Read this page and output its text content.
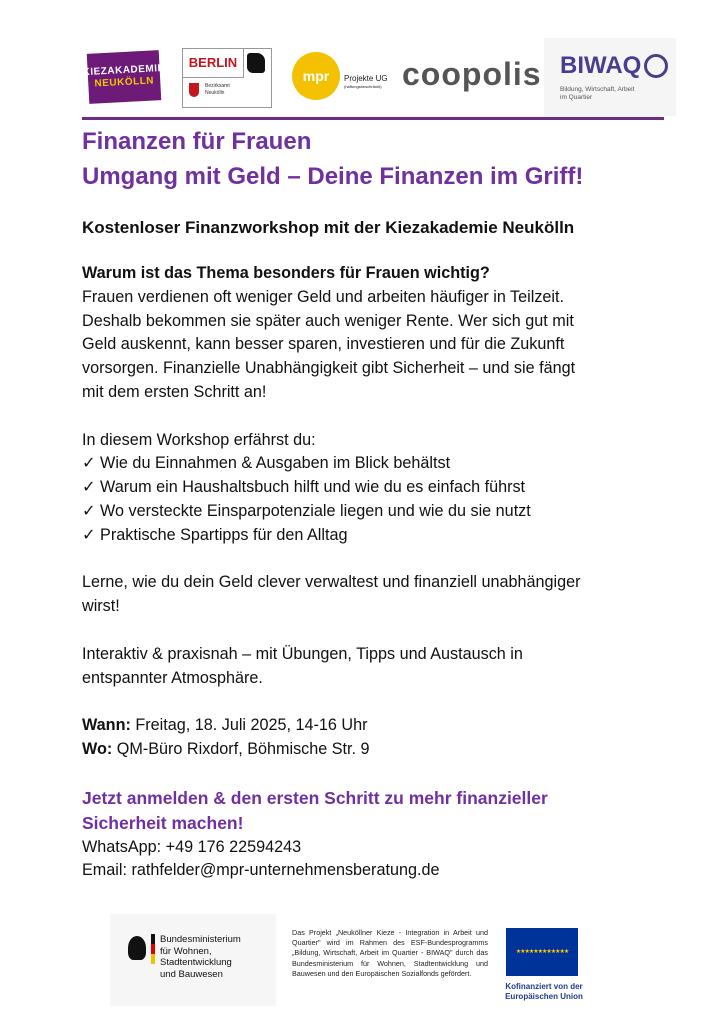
KIEZAKADEMIE
NEUKÖLLN
BERLIN
Bezirksamt
Neukölln
mpr	Projekte UG
(haftungsbeschränkt) coopolis BIWAQ
Bildung, Wirtschaft, Arbeit
im Quartier
Finanzen für Frauen
Umgang mit Geld – Deine Finanzen im Griff!
Kostenloser Finanzworkshop mit der Kiezakademie Neukölln

Warum ist das Thema besonders für Frauen wichtig?

Frauen verdienen oft weniger Geld und arbeiten häufiger in Teilzeit.

Deshalb bekommen sie später auch weniger Rente. Wer sich gut mit

Geld auskennt, kann besser sparen, investieren und für die Zukunft

vorsorgen. Finanzielle Unabhängigkeit gibt Sicherheit – und sie fängt

mit dem ersten Schritt an!

In diesem Workshop erfährst du:

✓ Wie du Einnahmen & Ausgaben im Blick behältst

✓ Warum ein Haushaltsbuch hilft und wie du es einfach führst

✓ Wo versteckte Einsparpotenziale liegen und wie du sie nutzt

✓ Praktische Spartipps für den Alltag

Lerne, wie du dein Geld clever verwaltest und finanziell unabhängiger

wirst!

Interaktiv & praxisnah – mit Übungen, Tipps und Austausch in

entspannter Atmosphäre.

Wann: Freitag, 18. Juli 2025, 14-16 Uhr

Wo: QM-Büro Rixdorf, Böhmische Str. 9

Jetzt anmelden & den ersten Schritt zu mehr finanzieller

Sicherheit machen!

WhatsApp: +49 176 22594243

Email: rathfelder@mpr-unternehmensberatung.de

Bundesministerium
für Wohnen, Stadtentwicklung
und Bauwesen

Das Projekt „Neuköllner Kieze - Integration in Arbeit und Quartier" wird im Rahmen des ESF-Bundesprogramms „Bildung, Wirtschaft, Arbeit im Quartier - BIWAQ" durch das Bundesministerium für Wohnen, Stadtentwicklung und Bauwesen und den Europäischen Sozialfonds gefördert.

★★★★★★★★★★★★
Kofinanziert von der
Europäischen Union
